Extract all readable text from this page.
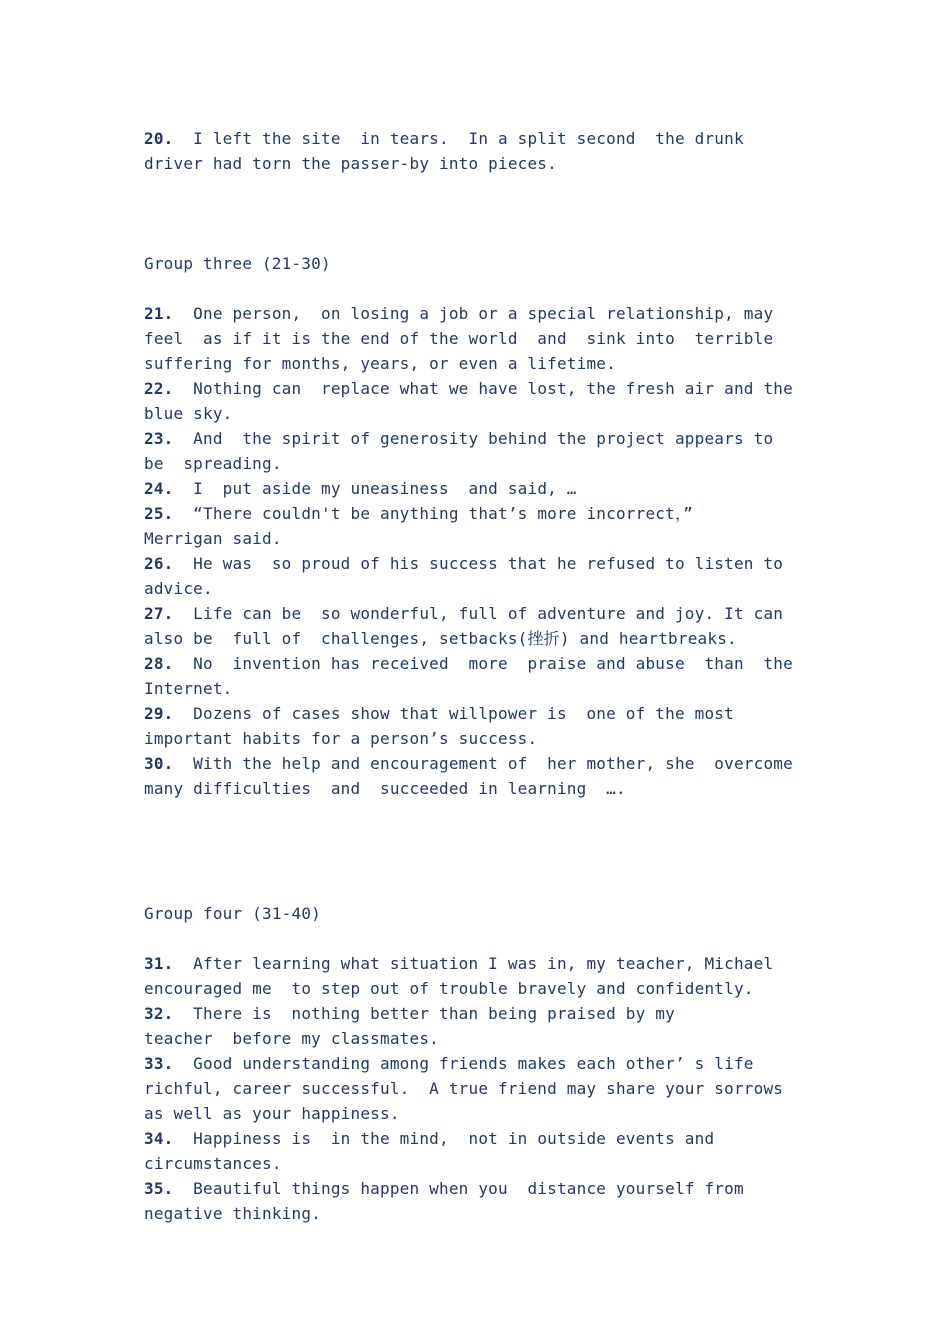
20.  I left the site  in tears.  In a split second  the drunk
driver had torn the passer-by into pieces.

Group three (21-30)

21.  One person,  on losing a job or a special relationship, may
feel  as if it is the end of the world  and  sink into  terrible
suffering for months, years, or even a lifetime.

22.  Nothing can  replace what we have lost, the fresh air and the
blue sky.

23.  And  the spirit of generosity behind the project appears to
be  spreading.

24.  I  put aside my uneasiness  and said, …

25.  “There couldn't be anything that’s more incorrect，”
Merrigan said.

26.  He was  so proud of his success that he refused to listen to
advice.

27.  Life can be  so wonderful, full of adventure and joy. It can
also be  full of  challenges, setbacks(挫折) and heartbreaks.

28.  No  invention has received  more  praise and abuse  than  the
Internet.

29.  Dozens of cases show that willpower is  one of the most
important habits for a person’s success.

30.  With the help and encouragement of  her mother, she  overcome
many difficulties  and  succeeded in learning  ….

Group four (31-40)

31.  After learning what situation I was in, my teacher, Michael
encouraged me  to step out of trouble bravely and confidently.

32.  There is  nothing better than being praised by my
teacher  before my classmates.

33.  Good understanding among friends makes each other’ s life
richful, career successful.  A true friend may share your sorrows
as well as your happiness.

34.  Happiness is  in the mind,  not in outside events and
circumstances.

35.  Beautiful things happen when you  distance yourself from
negative thinking.
